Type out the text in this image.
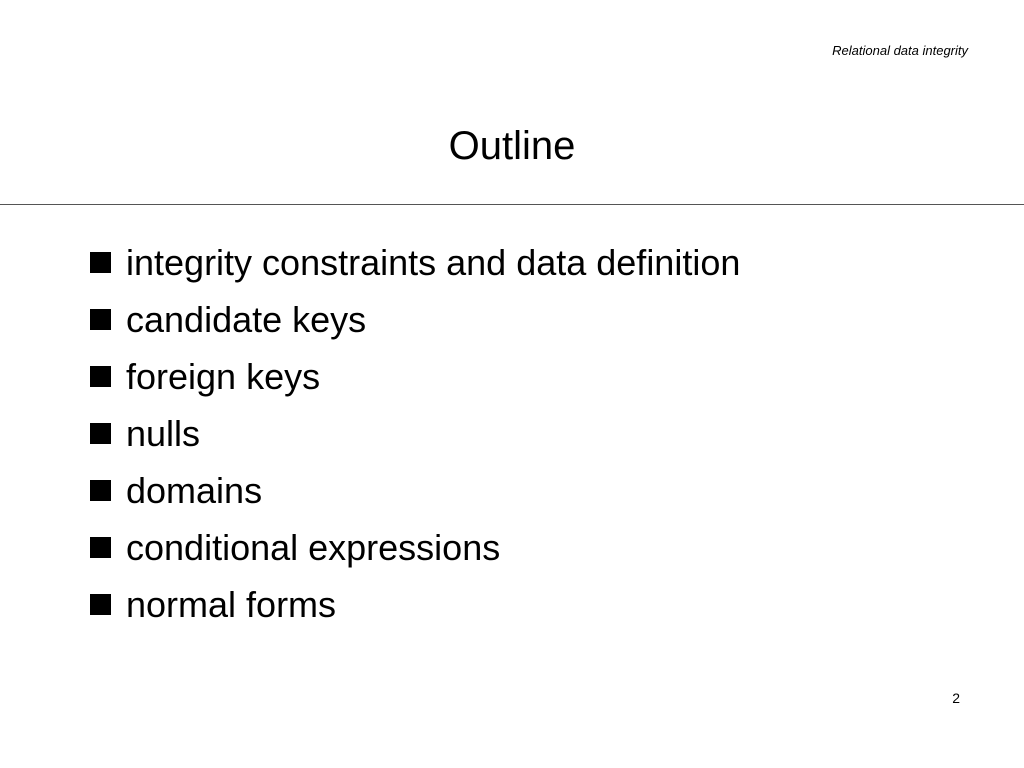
Relational data integrity
Outline
integrity constraints and data definition
candidate keys
foreign keys
nulls
domains
conditional expressions
normal forms
2
